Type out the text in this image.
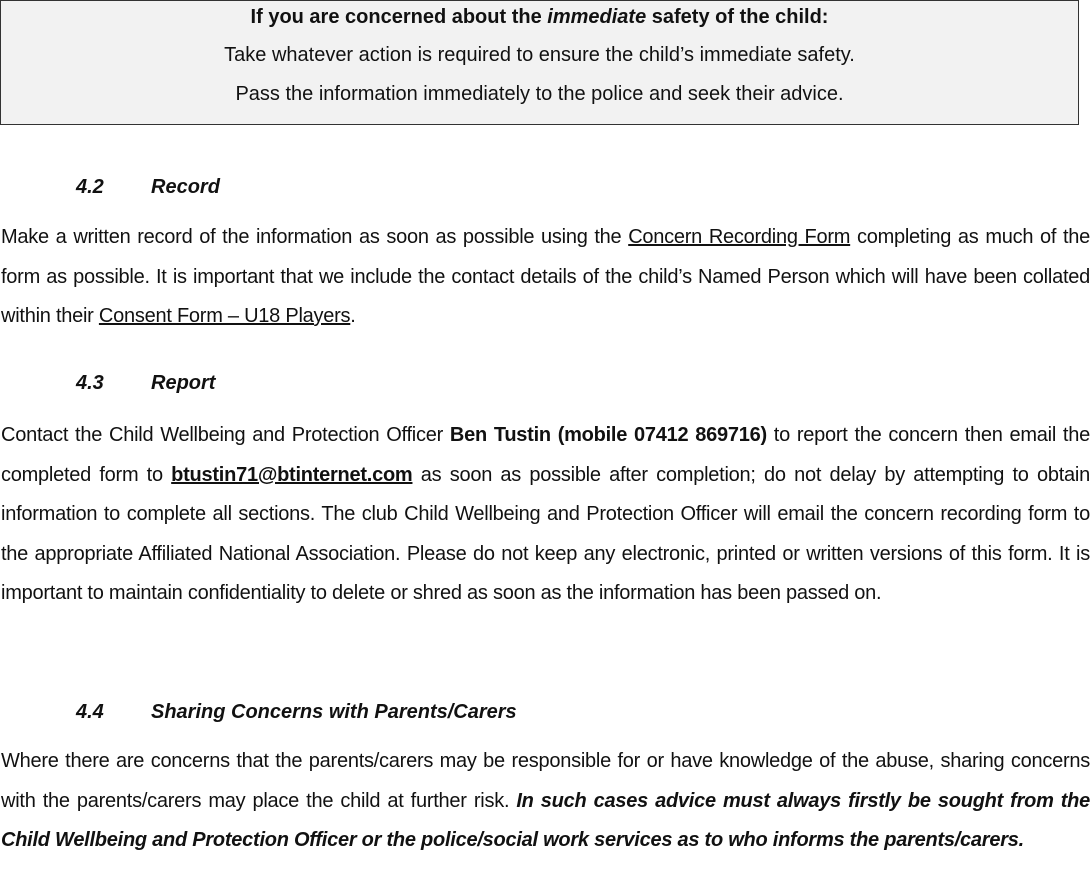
If you are concerned about the immediate safety of the child:
Take whatever action is required to ensure the child’s immediate safety.
Pass the information immediately to the police and seek their advice.
4.2 Record
Make a written record of the information as soon as possible using the Concern Recording Form completing as much of the form as possible. It is important that we include the contact details of the child’s Named Person which will have been collated within their Consent Form – U18 Players.
4.3 Report
Contact the Child Wellbeing and Protection Officer Ben Tustin (mobile 07412 869716) to report the concern then email the completed form to btustin71@btinternet.com as soon as possible after completion; do not delay by attempting to obtain information to complete all sections. The club Child Wellbeing and Protection Officer will email the concern recording form to the appropriate Affiliated National Association. Please do not keep any electronic, printed or written versions of this form. It is important to maintain confidentiality to delete or shred as soon as the information has been passed on.
4.4 Sharing Concerns with Parents/Carers
Where there are concerns that the parents/carers may be responsible for or have knowledge of the abuse, sharing concerns with the parents/carers may place the child at further risk. In such cases advice must always firstly be sought from the Child Wellbeing and Protection Officer or the police/social work services as to who informs the parents/carers.
